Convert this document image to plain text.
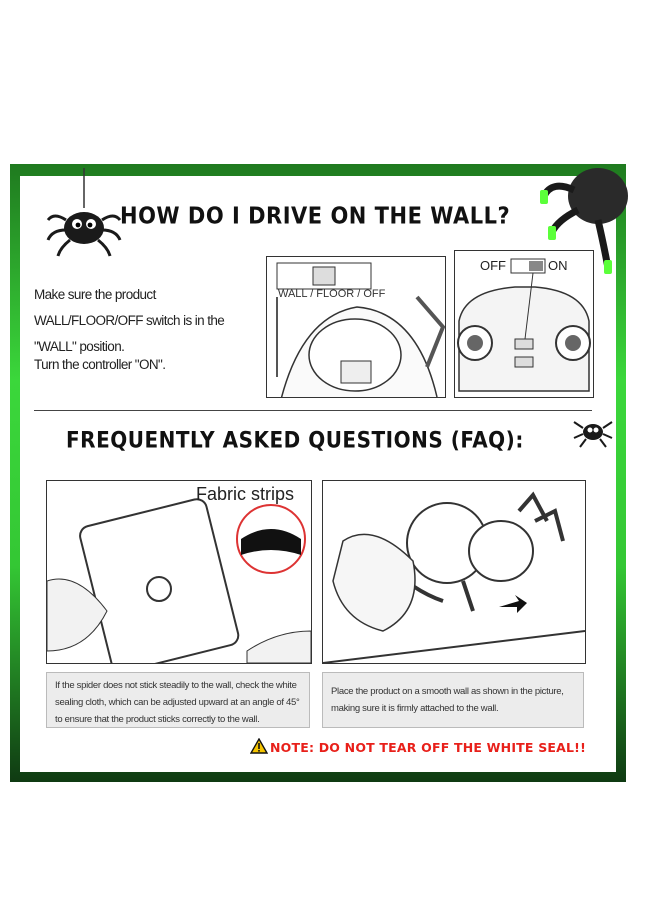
HOW DO I DRIVE ON THE WALL?
Make sure the product WALL/FLOOR/OFF switch is in the "WALL" position.
Turn the controller "ON".
WALL / FLOOR / OFF
OFF	ON
FREQUENTLY ASKED QUESTIONS (FAQ):
Fabric strips
If the spider does not stick steadily to the wall, check the white sealing cloth, which can be adjusted upward at an angle of 45° to ensure that the product sticks correctly to the wall.
Place the product on a smooth wall as shown in the picture, making sure it is firmly attached to the wall.
NOTE: DO NOT TEAR OFF THE WHITE SEAL!!
